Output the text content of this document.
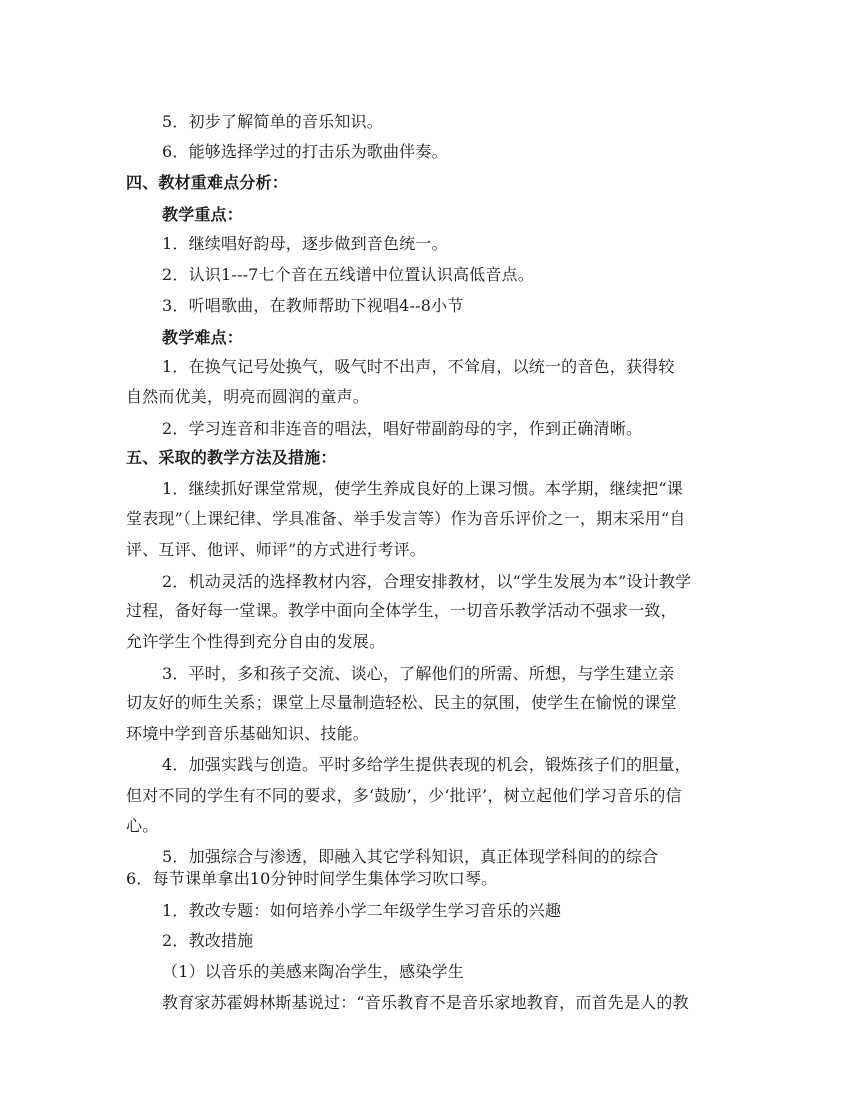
5．初步了解简单的音乐知识。
6．能够选择学过的打击乐为歌曲伴奏。
四、教材重难点分析：
教学重点：
1．继续唱好韵母，逐步做到音色统一。
2．认识1---7七个音在五线谱中位置认识高低音点。
3．听唱歌曲，在教师帮助下视唱4--8小节
教学难点：
1．在换气记号处换气，吸气时不出声，不耸肩，以统一的音色，获得较
自然而优美，明亮而圆润的童声。
2．学习连音和非连音的唱法，唱好带副韵母的字，作到正确清晰。
五、采取的教学方法及措施：
1．继续抓好课堂常规，使学生养成良好的上课习惯。本学期，继续把“课
堂表现”（上课纪律、学具准备、举手发言等）作为音乐评价之一，期末采用“自
评、互评、他评、师评”的方式进行考评。
2．机动灵活的选择教材内容，合理安排教材，以“学生发展为本”设计教学
过程，备好每一堂课。教学中面向全体学生，一切音乐教学活动不强求一致，
允许学生个性得到充分自由的发展。
3．平时，多和孩子交流、谈心，了解他们的所需、所想，与学生建立亲
切友好的师生关系；课堂上尽量制造轻松、民主的氛围，使学生在愉悦的课堂
环境中学到音乐基础知识、技能。
4．加强实践与创造。平时多给学生提供表现的机会，锻炼孩子们的胆量，
但对不同的学生有不同的要求，多‘鼓励’，少‘批评’，树立起他们学习音乐的信
心。
5．加强综合与渗透，即融入其它学科知识，真正体现学科间的的综合
6．每节课单拿出10分钟时间学生集体学习吹口琴。
1．教改专题：如何培养小学二年级学生学习音乐的兴趣
2．教改措施
（1）以音乐的美感来陶冶学生，感染学生
教育家苏霍姆林斯基说过：“音乐教育不是音乐家地教育，而首先是人的教
